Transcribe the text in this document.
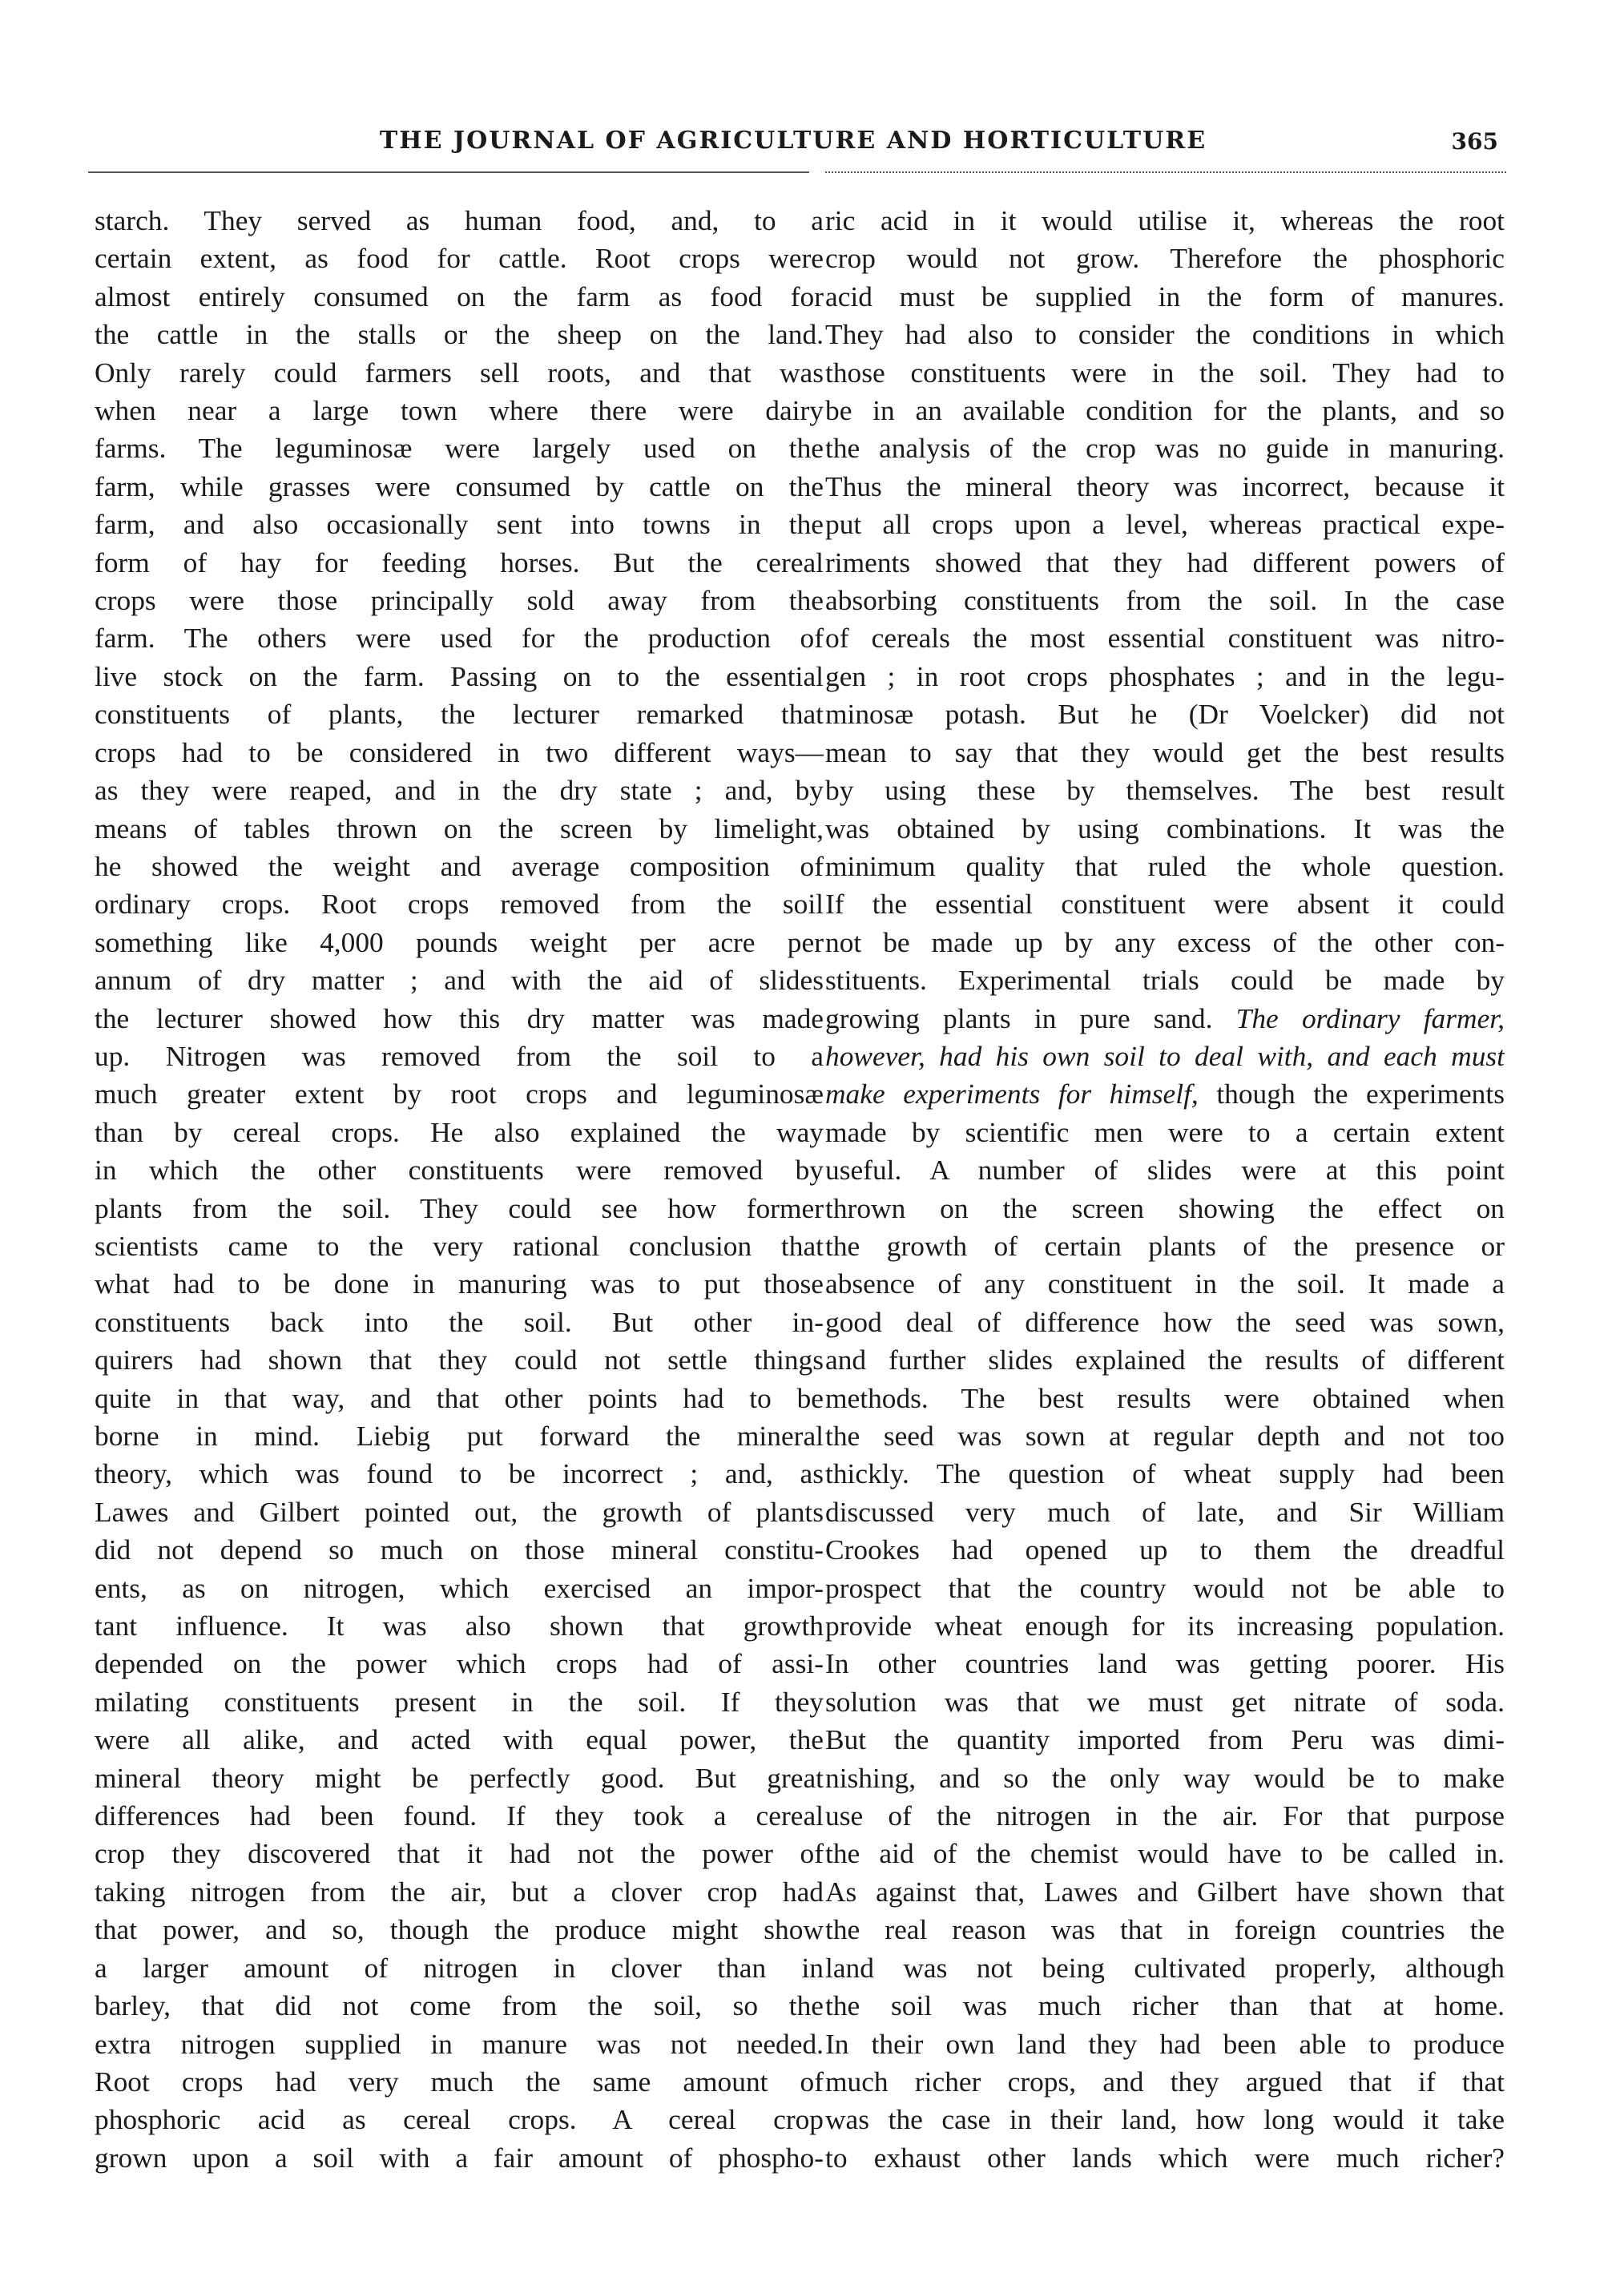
THE JOURNAL OF AGRICULTURE AND HORTICULTURE	365
starch. They served as human food, and, to a
certain extent, as food for cattle. Root crops were
almost entirely consumed on the farm as food for
the cattle in the stalls or the sheep on the land.
Only rarely could farmers sell roots, and that was
when near a large town where there were dairy
farms. The leguminosæ were largely used on the
farm, while grasses were consumed by cattle on the
farm, and also occasionally sent into towns in the
form of hay for feeding horses. But the cereal
crops were those principally sold away from the
farm. The others were used for the production of
live stock on the farm. Passing on to the essential
constituents of plants, the lecturer remarked that
crops had to be considered in two different ways—
as they were reaped, and in the dry state ; and, by
means of tables thrown on the screen by limelight,
he showed the weight and average composition of
ordinary crops. Root crops removed from the soil
something like 4,000 pounds weight per acre per
annum of dry matter ; and with the aid of slides
the lecturer showed how this dry matter was made
up. Nitrogen was removed from the soil to a
much greater extent by root crops and leguminosæ
than by cereal crops. He also explained the way
in which the other constituents were removed by
plants from the soil. They could see how former
scientists came to the very rational conclusion that
what had to be done in manuring was to put those
constituents back into the soil. But other in-
quirers had shown that they could not settle things
quite in that way, and that other points had to be
borne in mind. Liebig put forward the mineral
theory, which was found to be incorrect ; and, as
Lawes and Gilbert pointed out, the growth of plants
did not depend so much on those mineral constitu-
ents, as on nitrogen, which exercised an impor-
tant influence. It was also shown that growth
depended on the power which crops had of assi-
milating constituents present in the soil. If they
were all alike, and acted with equal power, the
mineral theory might be perfectly good. But great
differences had been found. If they took a cereal
crop they discovered that it had not the power of
taking nitrogen from the air, but a clover crop had
that power, and so, though the produce might show
a larger amount of nitrogen in clover than in
barley, that did not come from the soil, so the
extra nitrogen supplied in manure was not needed.
Root crops had very much the same amount of
phosphoric acid as cereal crops. A cereal crop
grown upon a soil with a fair amount of phospho-
ric acid in it would utilise it, whereas the root
crop would not grow. Therefore the phosphoric
acid must be supplied in the form of manures.
They had also to consider the conditions in which
those constituents were in the soil. They had to
be in an available condition for the plants, and so
the analysis of the crop was no guide in manuring.
Thus the mineral theory was incorrect, because it
put all crops upon a level, whereas practical expe-
riments showed that they had different powers of
absorbing constituents from the soil. In the case
of cereals the most essential constituent was nitro-
gen ; in root crops phosphates ; and in the legu-
minosæ potash. But he (Dr Voelcker) did not
mean to say that they would get the best results
by using these by themselves. The best result
was obtained by using combinations. It was the
minimum quality that ruled the whole question.
If the essential constituent were absent it could
not be made up by any excess of the other con-
stituents. Experimental trials could be made by
growing plants in pure sand. The ordinary farmer,
however, had his own soil to deal with, and each must
make experiments for himself, though the experiments
made by scientific men were to a certain extent
useful. A number of slides were at this point
thrown on the screen showing the effect on
the growth of certain plants of the presence or
absence of any constituent in the soil. It made a
good deal of difference how the seed was sown,
and further slides explained the results of different
methods. The best results were obtained when
the seed was sown at regular depth and not too
thickly. The question of wheat supply had been
discussed very much of late, and Sir William
Crookes had opened up to them the dreadful
prospect that the country would not be able to
provide wheat enough for its increasing population.
In other countries land was getting poorer. His
solution was that we must get nitrate of soda.
But the quantity imported from Peru was dimi-
nishing, and so the only way would be to make
use of the nitrogen in the air. For that purpose
the aid of the chemist would have to be called in.
As against that, Lawes and Gilbert have shown that
the real reason was that in foreign countries the
land was not being cultivated properly, although
the soil was much richer than that at home.
In their own land they had been able to produce
much richer crops, and they argued that if that
was the case in their land, how long would it take
to exhaust other lands which were much richer?
